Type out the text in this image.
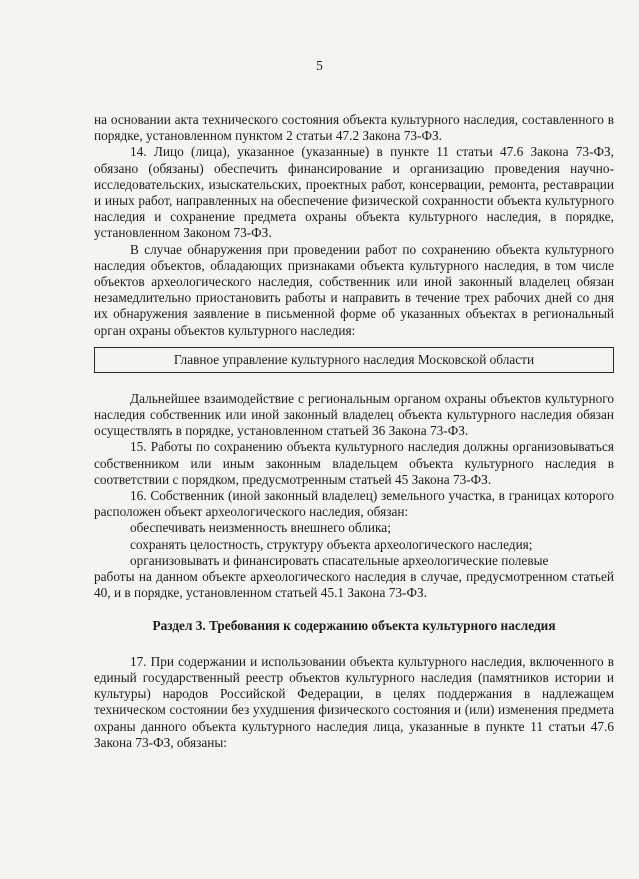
5

на основании акта технического состояния объекта культурного наследия, составленного в порядке, установленном пунктом 2 статьи 47.2 Закона 73-ФЗ.

14. Лицо (лица), указанное (указанные) в пункте 11 статьи 47.6 Закона 73-ФЗ, обязано (обязаны) обеспечить финансирование и организацию проведения научно-исследовательских, изыскательских, проектных работ, консервации, ремонта, реставрации и иных работ, направленных на обеспечение физической сохранности объекта культурного наследия и сохранение предмета охраны объекта культурного наследия, в порядке, установленном Законом 73-ФЗ.

В случае обнаружения при проведении работ по сохранению объекта культурного наследия объектов, обладающих признаками объекта культурного наследия, в том числе объектов археологического наследия, собственник или иной законный владелец обязан незамедлительно приостановить работы и направить в течение трех рабочих дней со дня их обнаружения заявление в письменной форме об указанных объектах в региональный орган охраны объектов культурного наследия:

Главное управление культурного наследия Московской области

Дальнейшее взаимодействие с региональным органом охраны объектов культурного наследия собственник или иной законный владелец объекта культурного наследия обязан осуществлять в порядке, установленном статьей 36 Закона 73-ФЗ.

15. Работы по сохранению объекта культурного наследия должны организовываться собственником или иным законным владельцем объекта культурного наследия в соответствии с порядком, предусмотренным статьей 45 Закона 73-ФЗ.

16. Собственник (иной законный владелец) земельного участка, в границах которого расположен объект археологического наследия, обязан:

обеспечивать неизменность внешнего облика;

сохранять целостность, структуру объекта археологического наследия;

организовывать и финансировать спасательные археологические полевые

работы на данном объекте археологического наследия в случае, предусмотренном статьей 40, и в порядке, установленном статьей 45.1 Закона 73-ФЗ.

Раздел 3. Требования к содержанию объекта культурного наследия

17. При содержании и использовании объекта культурного наследия, включенного в единый государственный реестр объектов культурного наследия (памятников истории и культуры) народов Российской Федерации, в целях поддержания в надлежащем техническом состоянии без ухудшения физического состояния и (или) изменения предмета охраны данного объекта культурного наследия лица, указанные в пункте 11 статьи 47.6 Закона 73-ФЗ, обязаны:
